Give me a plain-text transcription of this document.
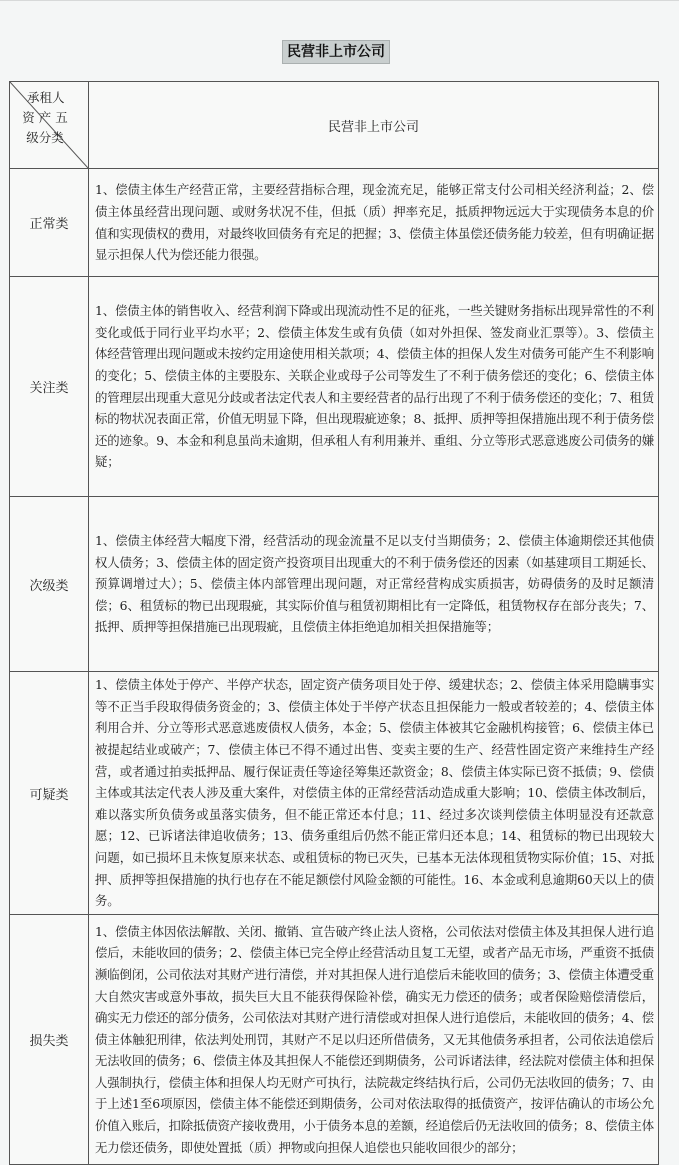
民营非上市公司
承租人
资 产 五 级分类	民营非上市公司
正常类	1、偿债主体生产经营正常，主要经营指标合理，现金流充足，能够正常支付公司相关经济利益；2、偿债主体虽经营出现问题、或财务状况不佳，但抵（质）押率充足，抵质押物远远大于实现债务本息的价值和实现债权的费用，对最终收回债务有充足的把握；3、偿债主体虽偿还债务能力较差，但有明确证据显示担保人代为偿还能力很强。
关注类	1、偿债主体的销售收入、经营利润下降或出现流动性不足的征兆，一些关键财务指标出现异常性的不利变化或低于同行业平均水平；2、偿债主体发生或有负债（如对外担保、签发商业汇票等）。3、偿债主体经营管理出现问题或未按约定用途使用相关款项；4、偿债主体的担保人发生对债务可能产生不利影响的变化；5、偿债主体的主要股东、关联企业或母子公司等发生了不利于债务偿还的变化；6、偿债主体的管理层出现重大意见分歧或者法定代表人和主要经营者的品行出现了不利于债务偿还的变化；7、租赁标的物状况表面正常，价值无明显下降，但出现瑕疵迹象；8、抵押、质押等担保措施出现不利于债务偿还的迹象。9、本金和利息虽尚未逾期，但承租人有利用兼并、重组、分立等形式恶意逃废公司债务的嫌疑；
次级类	1、偿债主体经营大幅度下滑，经营活动的现金流量不足以支付当期债务；2、偿债主体逾期偿还其他债权人债务；3、偿债主体的固定资产投资项目出现重大的不利于债务偿还的因素（如基建项目工期延长、预算调增过大）；5、偿债主体内部管理出现问题，对正常经营构成实质损害，妨碍债务的及时足额清偿；6、租赁标的物已出现瑕疵，其实际价值与租赁初期相比有一定降低，租赁物权存在部分丧失；7、抵押、质押等担保措施已出现瑕疵，且偿债主体拒绝追加相关担保措施等；
可疑类	1、偿债主体处于停产、半停产状态，固定资产债务项目处于停、缓建状态；2、偿债主体采用隐瞒事实等不正当手段取得债务资金的；3、偿债主体处于半停产状态且担保能力一般或者较差的；4、偿债主体利用合并、分立等形式恶意逃废债权人债务，本金；5、偿债主体被其它金融机构接管；6、偿债主体已被提起结业或破产；7、偿债主体已不得不通过出售、变卖主要的生产、经营性固定资产来维持生产经营，或者通过拍卖抵押品、履行保证责任等途径筹集还款资金；8、偿债主体实际已资不抵债；9、偿债主体或其法定代表人涉及重大案件，对偿债主体的正常经营活动造成重大影响；10、偿债主体改制后，难以落实所负债务或虽落实债务，但不能正常还本付息；11、经过多次谈判偿债主体明显没有还款意愿；12、已诉诸法律追收债务；13、债务重组后仍然不能正常归还本息；14、租赁标的物已出现较大问题，如已损坏且未恢复原来状态、或租赁标的物已灭失，已基本无法体现租赁物实际价值；15、对抵押、质押等担保措施的执行也存在不能足额偿付风险金额的可能性。16、本金或利息逾期60天以上的债务。
损失类	1、偿债主体因依法解散、关闭、撤销、宣告破产终止法人资格，公司依法对偿债主体及其担保人进行追偿后，未能收回的债务；2、偿债主体已完全停止经营活动且复工无望，或者产品无市场，严重资不抵债濒临倒闭，公司依法对其财产进行清偿，并对其担保人进行追偿后未能收回的债务；3、偿债主体遭受重大自然灾害或意外事故，损失巨大且不能获得保险补偿，确实无力偿还的债务；或者保险赔偿清偿后，确实无力偿还的部分债务，公司依法对其财产进行清偿或对担保人进行追偿后，未能收回的债务；4、偿债主体触犯刑律，依法判处刑罚，其财产不足以归还所借债务，又无其他债务承担者，公司依法追偿后无法收回的债务；6、偿债主体及其担保人不能偿还到期债务，公司诉诸法律，经法院对偿债主体和担保人强制执行，偿债主体和担保人均无财产可执行，法院裁定终结执行后，公司仍无法收回的债务；7、由于上述1至6项原因，偿债主体不能偿还到期债务，公司对依法取得的抵债资产，按评估确认的市场公允价值入账后，扣除抵债资产接收费用，小于债务本息的差额，经追偿后仍无法收回的债务；8、偿债主体无力偿还债务，即使处置抵（质）押物或向担保人追偿也只能收回很少的部分；
